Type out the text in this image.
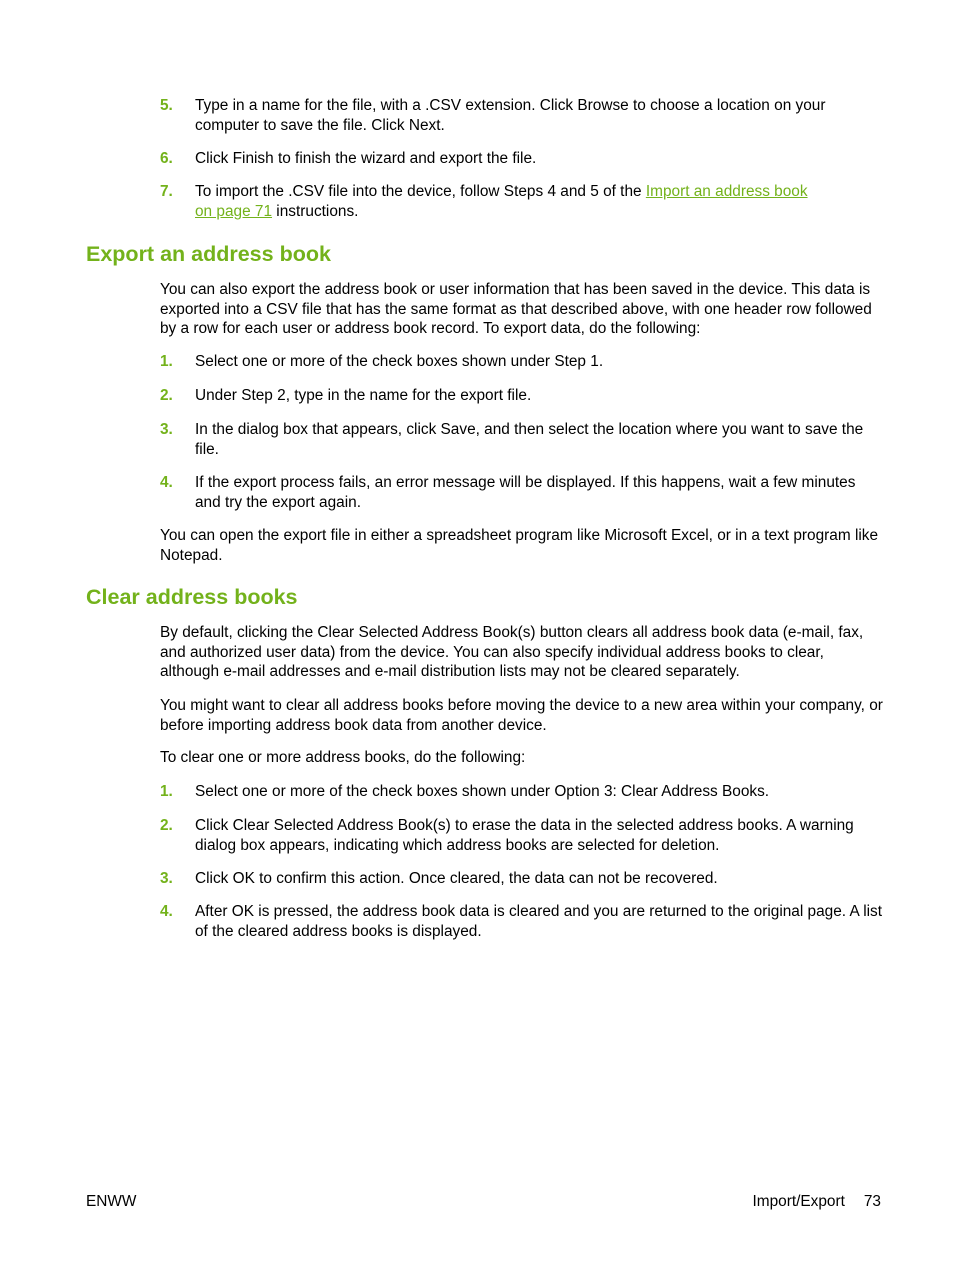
5.	Type in a name for the file, with a .CSV extension. Click Browse to choose a location on your computer to save the file. Click Next.
6.	Click Finish to finish the wizard and export the file.
7.	To import the .CSV file into the device, follow Steps 4 and 5 of the Import an address book
on page 71 instructions.
Export an address book
You can also export the address book or user information that has been saved in the device. This data is exported into a CSV file that has the same format as that described above, with one header row followed by a row for each user or address book record. To export data, do the following:
1.	Select one or more of the check boxes shown under Step 1.
2.	Under Step 2, type in the name for the export file.
3.	In the dialog box that appears, click Save, and then select the location where you want to save the file.
4.	If the export process fails, an error message will be displayed. If this happens, wait a few minutes and try the export again.
You can open the export file in either a spreadsheet program like Microsoft Excel, or in a text program like Notepad.
Clear address books
By default, clicking the Clear Selected Address Book(s) button clears all address book data (e-mail, fax, and authorized user data) from the device. You can also specify individual address books to clear, although e-mail addresses and e-mail distribution lists may not be cleared separately.
You might want to clear all address books before moving the device to a new area within your company, or before importing address book data from another device.
To clear one or more address books, do the following:
1.	Select one or more of the check boxes shown under Option 3: Clear Address Books.
2.	Click Clear Selected Address Book(s) to erase the data in the selected address books. A warning dialog box appears, indicating which address books are selected for deletion.
3.	Click OK to confirm this action. Once cleared, the data can not be recovered.
4.	After OK is pressed, the address book data is cleared and you are returned to the original page. A list of the cleared address books is displayed.
ENWW	Import/Export 73
